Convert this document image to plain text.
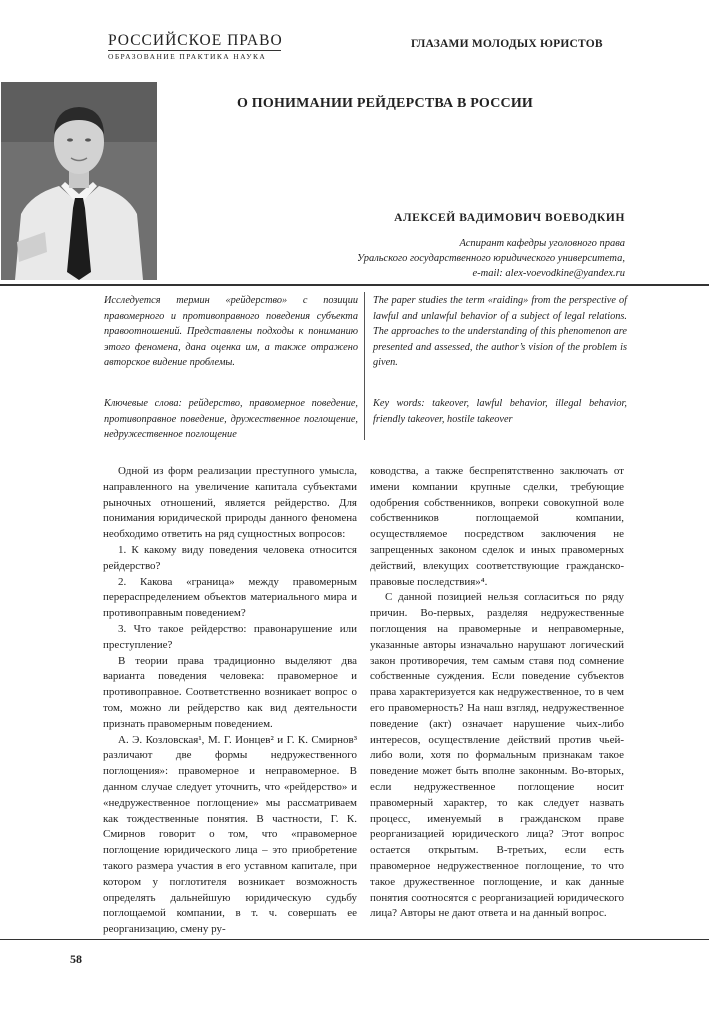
РОССИЙСКОЕ ПРАВО
ОБРАЗОВАНИЕ ПРАКТИКА НАУКА
ГЛАЗАМИ МОЛОДЫХ ЮРИСТОВ
О ПОНИМАНИИ РЕЙДЕРСТВА В РОССИИ
АЛЕКСЕЙ ВАДИМОВИЧ ВОЕВОДКИН
Аспирант кафедры уголовного права
Уральского государственного юридического университета,
e-mail: alex-voevodkine@yandex.ru
Исследуется термин «рейдерство» с позиции правомерного и противоправного поведения субъекта правоотношений. Представлены подходы к пониманию этого феномена, дана оценка им, а также отражено авторское видение проблемы.
The paper studies the term «raiding» from the perspective of lawful and unlawful behavior of a subject of legal relations. The approaches to the understanding of this phenomenon are presented and assessed, the author’s vision of the problem is given.
Ключевые слова: рейдерство, правомерное поведение, противоправное поведение, дружественное поглощение, недружественное поглощение
Key words: takeover, lawful behavior, illegal behavior, friendly takeover, hostile takeover

Одной из форм реализации преступного умысла, направленного на увеличение капитала субъектами рыночных отношений, является рейдерство. Для понимания юридической природы данного феномена необходимо ответить на ряд сущностных вопросов:

1. К какому виду поведения человека относится рейдерство?

2. Какова «граница» между правомерным перераспределением объектов материального мира и противоправным поведением?

3. Что такое рейдерство: правонарушение или преступление?

В теории права традиционно выделяют два варианта поведения человека: правомерное и противоправное. Соответственно возникает вопрос о том, можно ли рейдерство как вид деятельности признать правомерным поведением.

А. Э. Козловская¹, М. Г. Ионцев² и Г. К. Смирнов³ различают две формы недружественного поглощения»: правомерное и неправомерное. В данном случае следует уточнить, что «рейдерство» и «недружественное поглощение» мы рассматриваем как тождественные понятия. В частности, Г. К. Смирнов говорит о том, что «правомерное поглощение юридического лица – это приобретение такого размера участия в его уставном капитале, при котором у поглотителя возникает возможность определять дальнейшую юридическую судьбу поглощаемой компании, в т. ч. совершать ее реорганизацию, смену ру-

ководства, а также беспрепятственно заключать от имени компании крупные сделки, требующие одобрения собственников, вопреки совокупной воле собственников поглощаемой компании, осуществляемое посредством заключения не запрещенных законом сделок и иных правомерных действий, влекущих соответствующие гражданско-правовые последствия»⁴.

С данной позицией нельзя согласиться по ряду причин. Во-первых, разделяя недружественные поглощения на правомерные и неправомерные, указанные авторы изначально нарушают логический закон противоречия, тем самым ставя под сомнение собственные суждения. Если поведение субъектов права характеризуется как недружественное, то в чем его правомерность? На наш взгляд, недружественное поведение (акт) означает нарушение чьих-либо интересов, осуществление действий против чьей-либо воли, хотя по формальным признакам такое поведение может быть вполне законным. Во-вторых, если недружественное поглощение носит правомерный характер, то как следует назвать процесс, именуемый в гражданском праве реорганизацией юридического лица? Этот вопрос остается открытым. В-третьих, если есть правомерное недружественное поглощение, то что такое дружественное поглощение, и как данные понятия соотносятся с реорганизацией юридического лица? Авторы не дают ответа и на данный вопрос.

58
